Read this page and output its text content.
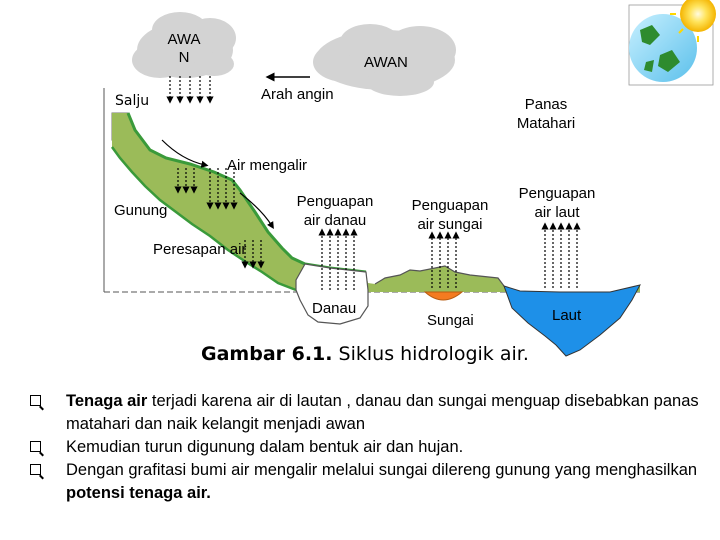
AWA
N	AWAN
Arah angin
Salju	Panas
Matahari
Air mengalir
Gunung
Penguapan
air danau
Penguapan
air sungai
Penguapan
air laut
Peresapan air
Danau
Sungai	Laut
Gambar 6.1. Siklus hidrologik air.
Tenaga air terjadi karena air di lautan , danau dan sungai menguap disebabkan panas matahari dan naik kelangit menjadi awan
Kemudian turun digunung dalam bentuk air dan hujan.
Dengan grafitasi bumi air mengalir melalui sungai dilereng gunung yang menghasilkan potensi tenaga air.
